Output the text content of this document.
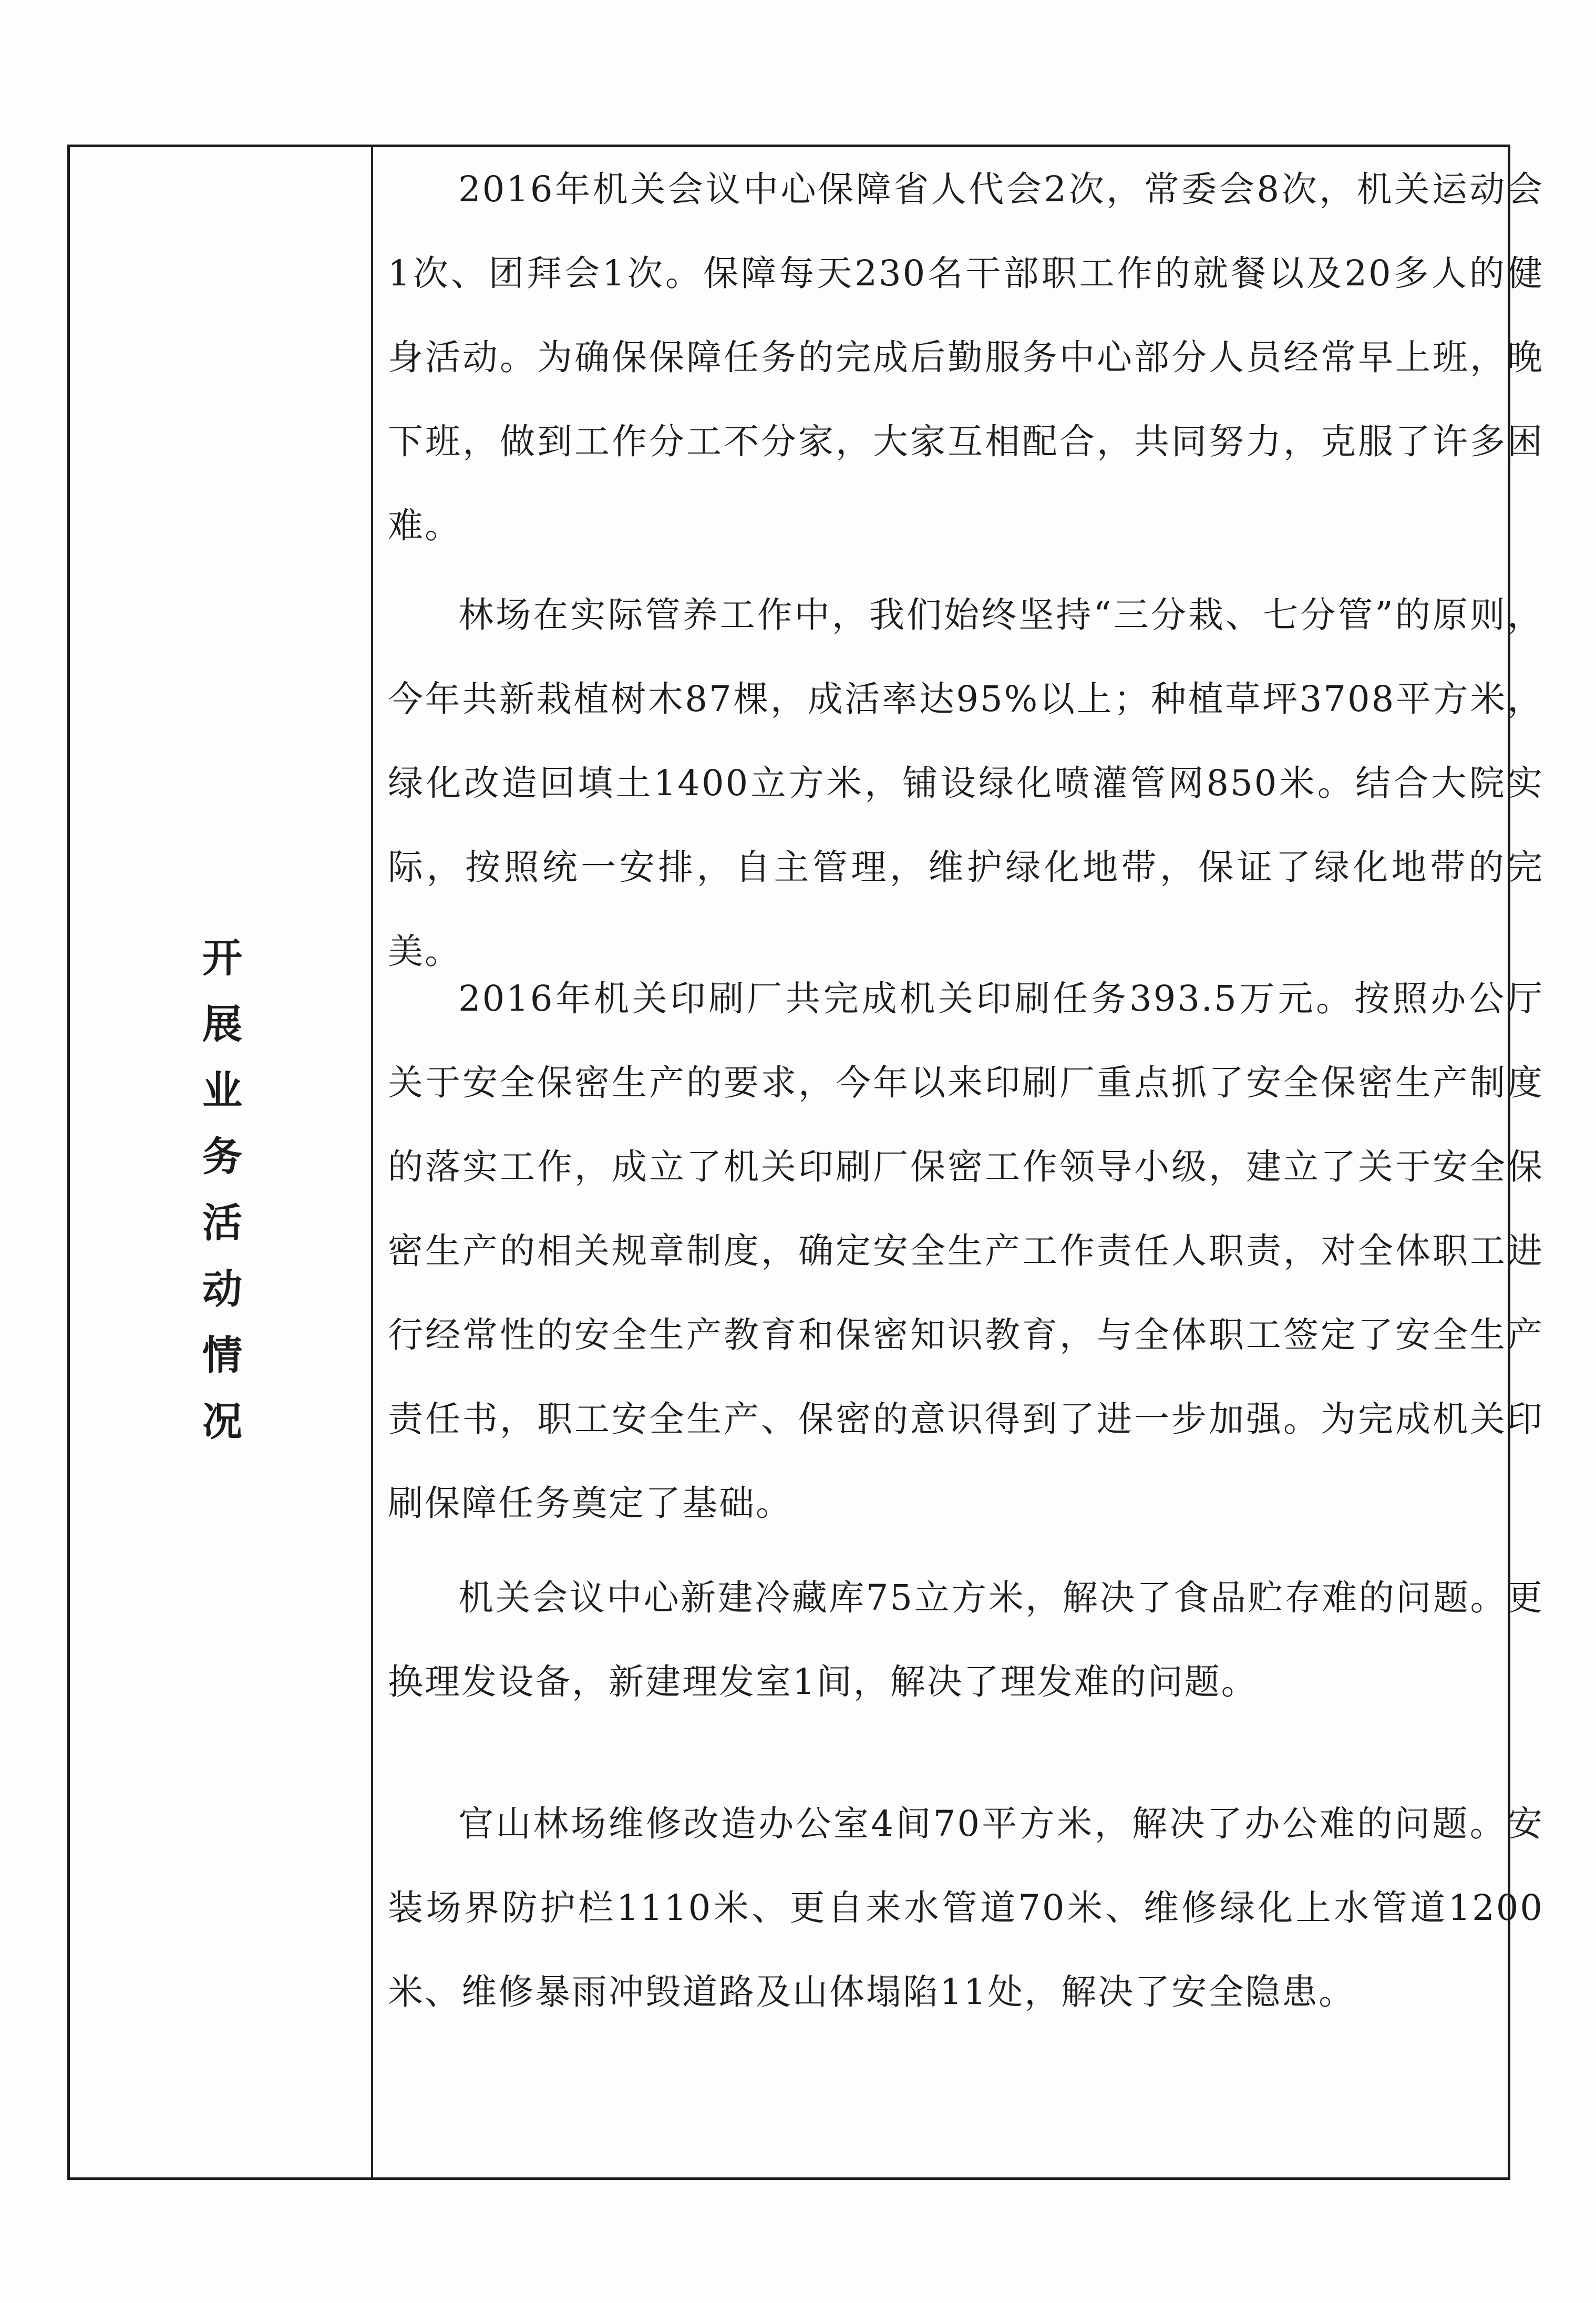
开展业务活动情况

2016年机关会议中心保障省人代会2次，常委会8次，机关运动会1次、团拜会1次。保障每天230名干部职工作的就餐以及20多人的健身活动。为确保保障任务的完成后勤服务中心部分人员经常早上班，晚下班，做到工作分工不分家，大家互相配合，共同努力，克服了许多困难。

林场在实际管养工作中，我们始终坚持“三分栽、七分管”的原则，今年共新栽植树木87棵，成活率达95%以上；种植草坪3708平方米，绿化改造回填土1400立方米，铺设绿化喷灌管网850米。结合大院实际，按照统一安排，自主管理，维护绿化地带，保证了绿化地带的完美。

2016年机关印刷厂共完成机关印刷任务393.5万元。按照办公厅关于安全保密生产的要求，今年以来印刷厂重点抓了安全保密生产制度的落实工作，成立了机关印刷厂保密工作领导小级，建立了关于安全保密生产的相关规章制度，确定安全生产工作责任人职责，对全体职工进行经常性的安全生产教育和保密知识教育，与全体职工签定了安全生产责任书，职工安全生产、保密的意识得到了进一步加强。为完成机关印刷保障任务奠定了基础。

机关会议中心新建冷藏库75立方米，解决了食品贮存难的问题。更换理发设备，新建理发室1间，解决了理发难的问题。

官山林场维修改造办公室4间70平方米，解决了办公难的问题。安装场界防护栏1110米、更自来水管道70米、维修绿化上水管道1200米、维修暴雨冲毁道路及山体塌陷11处，解决了安全隐患。
